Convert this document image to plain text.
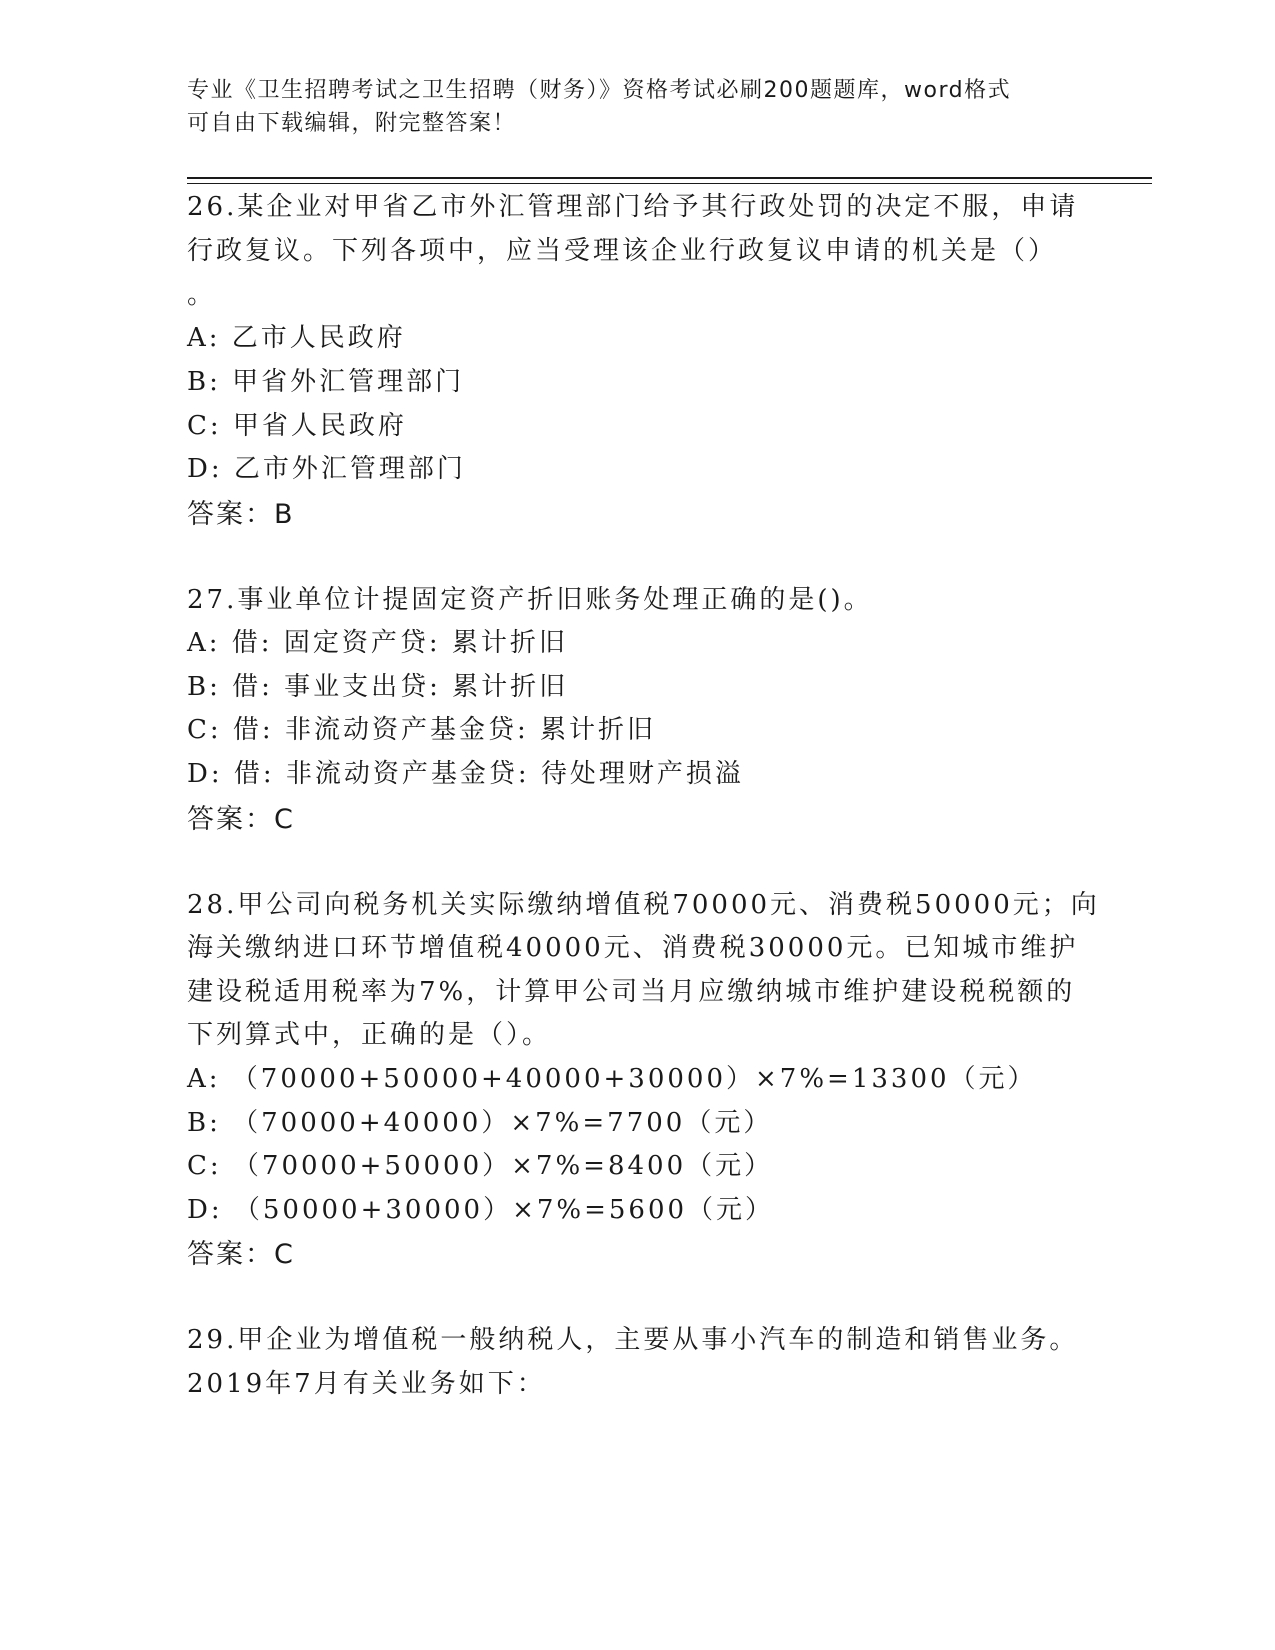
专业《卫生招聘考试之卫生招聘（财务）》资格考试必刷200题题库，word格式
可自由下载编辑，附完整答案！
26.某企业对甲省乙市外汇管理部门给予其行政处罚的决定不服，申请
行政复议。下列各项中，应当受理该企业行政复议申请的机关是（）
。
A: 乙市人民政府
B: 甲省外汇管理部门
C: 甲省人民政府
D: 乙市外汇管理部门
答案：B
27.事业单位计提固定资产折旧账务处理正确的是()。
A: 借: 固定资产贷: 累计折旧
B: 借: 事业支出贷: 累计折旧
C: 借: 非流动资产基金贷: 累计折旧
D: 借: 非流动资产基金贷: 待处理财产损溢
答案：C
28.甲公司向税务机关实际缴纳增值税70000元、消费税50000元；向
海关缴纳进口环节增值税40000元、消费税30000元。已知城市维护
建设税适用税率为7%，计算甲公司当月应缴纳城市维护建设税税额的
下列算式中，正确的是（）。
A: （70000+50000+40000+30000）×7%=13300（元）
B: （70000+40000）×7%=7700（元）
C: （70000+50000）×7%=8400（元）
D: （50000+30000）×7%=5600（元）
答案：C
29.甲企业为增值税一般纳税人，主要从事小汽车的制造和销售业务。
2019年7月有关业务如下：
